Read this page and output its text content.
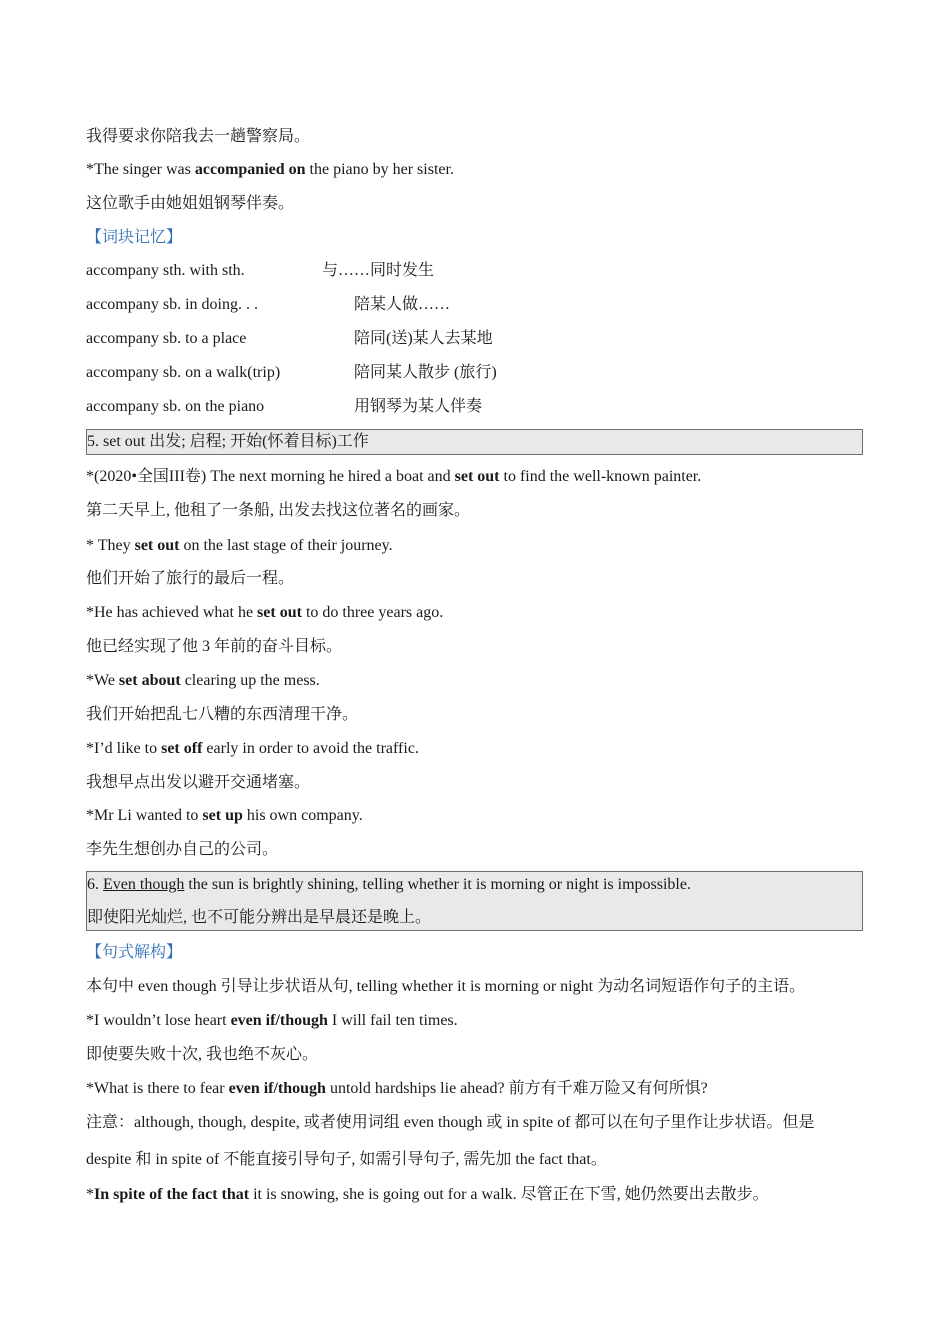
我得要求你陪我去一趟警察局。
*The singer was accompanied on the piano by her sister.
这位歌手由她姐姐钢琴伴奏。
【词块记忆】
accompany sth. with sth.	与……同时发生
accompany sb. in doing. . .	陪某人做……
accompany sb. to a place	陪同(送)某人去某地
accompany sb. on a walk(trip)	陪同某人散步 (旅行)
accompany sb. on the piano	用钢琴为某人伴奏
5. set out 出发; 启程; 开始(怀着目标)工作
*(2020•全国III卷) The next morning he hired a boat and set out to find the well-known painter.
第二天早上, 他租了一条船, 出发去找这位著名的画家。
* They set out on the last stage of their journey.
他们开始了旅行的最后一程。
*He has achieved what he set out to do three years ago.
他已经实现了他 3 年前的奋斗目标。
*We set about clearing up the mess.
我们开始把乱七八糟的东西清理干净。
*I’d like to set off early in order to avoid the traffic.
我想早点出发以避开交通堵塞。
*Mr Li wanted to set up his own company.
李先生想创办自己的公司。
6. Even though the sun is brightly shining, telling whether it is morning or night is impossible.
即使阳光灿烂, 也不可能分辨出是早晨还是晚上。
【句式解构】
本句中 even though 引导让步状语从句, telling whether it is morning or night 为动名词短语作句子的主语。
*I wouldn’t lose heart even if/though I will fail ten times.
即使要失败十次, 我也绝不灰心。
*What is there to fear even if/though untold hardships lie ahead? 前方有千难万险又有何所惧?
注意：although, though, despite, 或者使用词组 even though 或 in spite of 都可以在句子里作让步状语。但是
despite 和 in spite of 不能直接引导句子, 如需引导句子, 需先加 the fact that。
*In spite of the fact that it is snowing, she is going out for a walk. 尽管正在下雪, 她仍然要出去散步。
